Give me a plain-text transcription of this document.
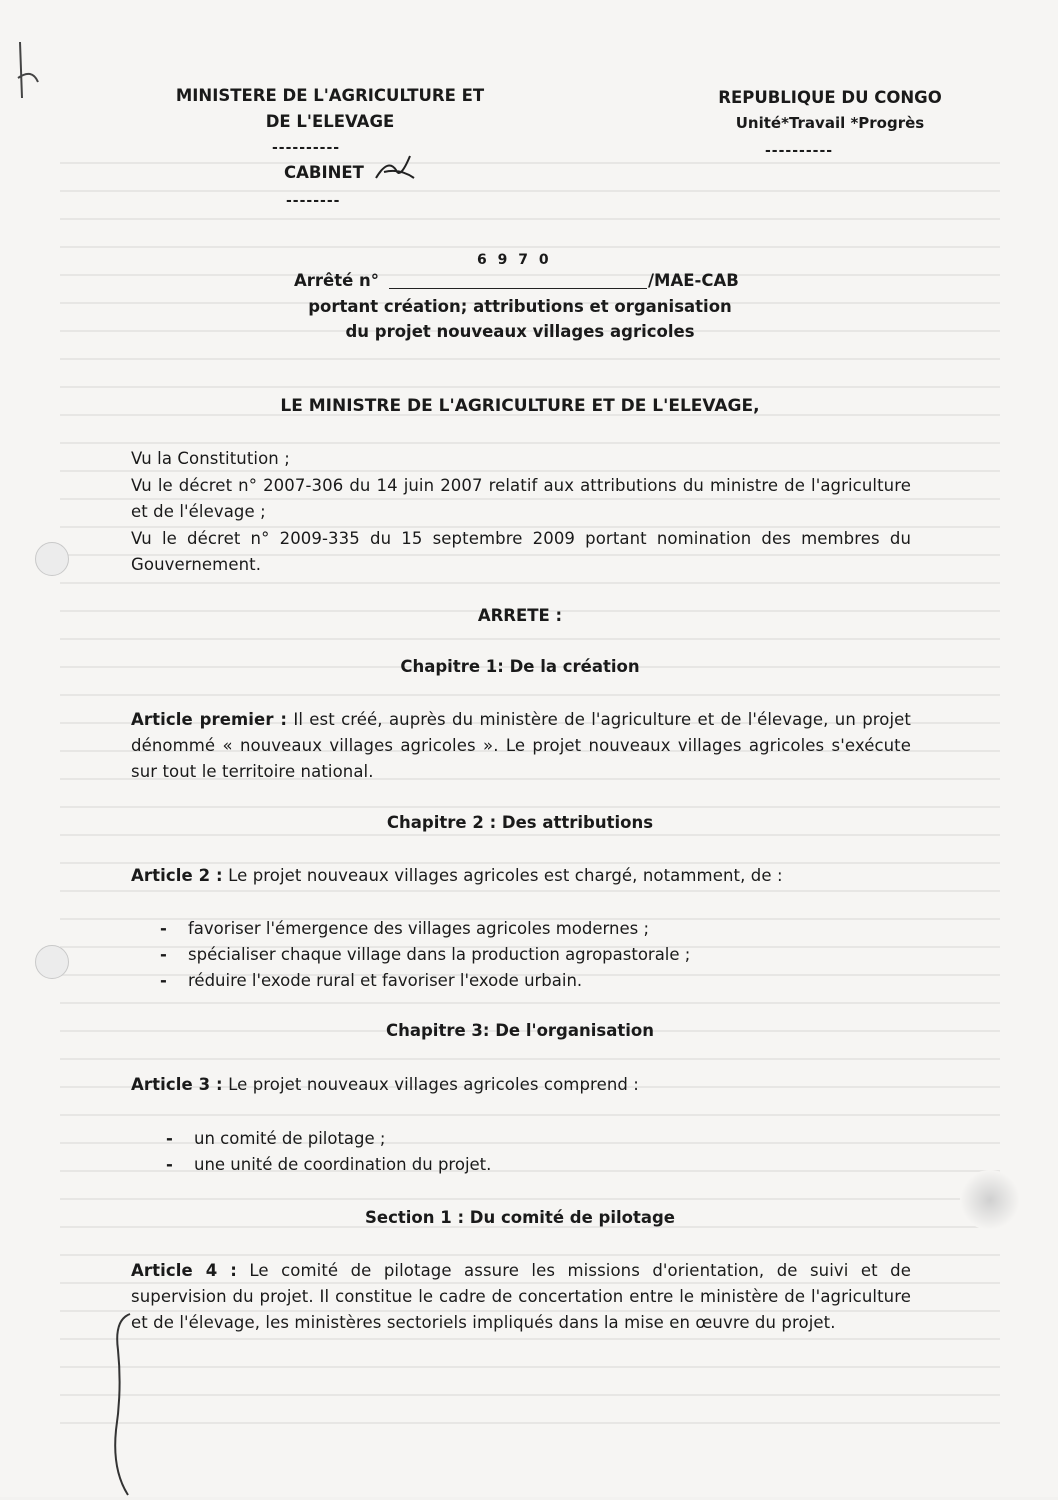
MINISTERE DE L'AGRICULTURE ET
DE L'ELEVAGE
----------
CABINET
--------
REPUBLIQUE DU CONGO
Unité*Travail *Progrès
----------
6 9 7 0
Arrêté n°	/MAE-CAB
portant création; attributions et organisation
du projet nouveaux villages agricoles
LE MINISTRE DE L'AGRICULTURE ET DE L'ELEVAGE,
Vu la Constitution ;
Vu le décret n° 2007-306 du 14 juin 2007 relatif aux attributions du ministre de l'agriculture et de l'élevage ;
Vu le décret n° 2009-335 du 15 septembre 2009 portant nomination des membres du Gouvernement.
ARRETE :
Chapitre 1: De la création
Article premier : Il est créé, auprès du ministère de l'agriculture et de l'élevage, un projet dénommé « nouveaux villages agricoles ». Le projet nouveaux villages agricoles s'exécute sur tout le territoire national.
Chapitre 2 : Des attributions
Article 2 : Le projet nouveaux villages agricoles est chargé, notamment, de :
- favoriser l'émergence des villages agricoles modernes ;
- spécialiser chaque village dans la production agropastorale ;
- réduire l'exode rural et favoriser l'exode urbain.
Chapitre 3: De l'organisation
Article 3 : Le projet nouveaux villages agricoles comprend :
- un comité de pilotage ;
- une unité de coordination du projet.
Section 1 : Du comité de pilotage
Article 4 : Le comité de pilotage assure les missions d'orientation, de suivi et de supervision du projet. Il constitue le cadre de concertation entre le ministère de l'agriculture et de l'élevage, les ministères sectoriels impliqués dans la mise en œuvre du projet.
